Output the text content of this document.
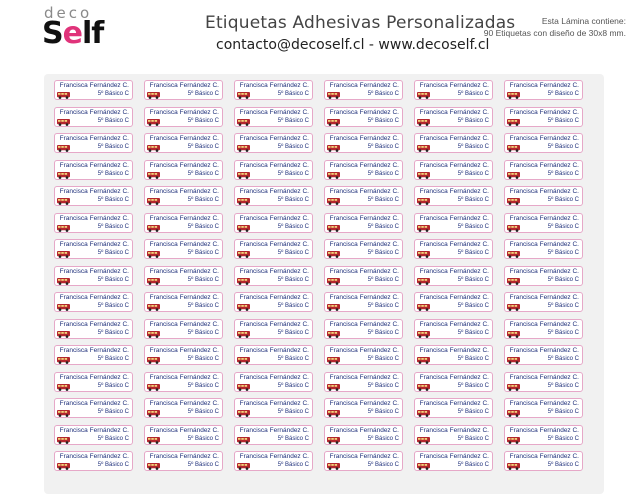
deco
Self	Etiquetas Adhesivas Personalizadas
contacto@decoself.cl - www.decoself.cl
Esta Lámina contiene:
90 Etiquetas con diseño de 30x8 mm.
Francisca Fernández C.
5º Básico C
Francisca Fernández C.
5º Básico C
Francisca Fernández C.
5º Básico C
Francisca Fernández C.
5º Básico C
Francisca Fernández C.
5º Básico C
Francisca Fernández C.
5º Básico C
Francisca Fernández C.
5º Básico C
Francisca Fernández C.
5º Básico C
Francisca Fernández C.
5º Básico C
Francisca Fernández C.
5º Básico C
Francisca Fernández C.
5º Básico C
Francisca Fernández C.
5º Básico C
Francisca Fernández C.
5º Básico C
Francisca Fernández C.
5º Básico C
Francisca Fernández C.
5º Básico C
Francisca Fernández C.
5º Básico C
Francisca Fernández C.
5º Básico C
Francisca Fernández C.
5º Básico C
Francisca Fernández C.
5º Básico C
Francisca Fernández C.
5º Básico C
Francisca Fernández C.
5º Básico C
Francisca Fernández C.
5º Básico C
Francisca Fernández C.
5º Básico C
Francisca Fernández C.
5º Básico C
Francisca Fernández C.
5º Básico C
Francisca Fernández C.
5º Básico C
Francisca Fernández C.
5º Básico C
Francisca Fernández C.
5º Básico C
Francisca Fernández C.
5º Básico C
Francisca Fernández C.
5º Básico C
Francisca Fernández C.
5º Básico C
Francisca Fernández C.
5º Básico C
Francisca Fernández C.
5º Básico C
Francisca Fernández C.
5º Básico C
Francisca Fernández C.
5º Básico C
Francisca Fernández C.
5º Básico C
Francisca Fernández C.
5º Básico C
Francisca Fernández C.
5º Básico C
Francisca Fernández C.
5º Básico C
Francisca Fernández C.
5º Básico C
Francisca Fernández C.
5º Básico C
Francisca Fernández C.
5º Básico C
Francisca Fernández C.
5º Básico C
Francisca Fernández C.
5º Básico C
Francisca Fernández C.
5º Básico C
Francisca Fernández C.
5º Básico C
Francisca Fernández C.
5º Básico C
Francisca Fernández C.
5º Básico C
Francisca Fernández C.
5º Básico C
Francisca Fernández C.
5º Básico C
Francisca Fernández C.
5º Básico C
Francisca Fernández C.
5º Básico C
Francisca Fernández C.
5º Básico C
Francisca Fernández C.
5º Básico C
Francisca Fernández C.
5º Básico C
Francisca Fernández C.
5º Básico C
Francisca Fernández C.
5º Básico C
Francisca Fernández C.
5º Básico C
Francisca Fernández C.
5º Básico C
Francisca Fernández C.
5º Básico C
Francisca Fernández C.
5º Básico C
Francisca Fernández C.
5º Básico C
Francisca Fernández C.
5º Básico C
Francisca Fernández C.
5º Básico C
Francisca Fernández C.
5º Básico C
Francisca Fernández C.
5º Básico C
Francisca Fernández C.
5º Básico C
Francisca Fernández C.
5º Básico C
Francisca Fernández C.
5º Básico C
Francisca Fernández C.
5º Básico C
Francisca Fernández C.
5º Básico C
Francisca Fernández C.
5º Básico C
Francisca Fernández C.
5º Básico C
Francisca Fernández C.
5º Básico C
Francisca Fernández C.
5º Básico C
Francisca Fernández C.
5º Básico C
Francisca Fernández C.
5º Básico C
Francisca Fernández C.
5º Básico C
Francisca Fernández C.
5º Básico C
Francisca Fernández C.
5º Básico C
Francisca Fernández C.
5º Básico C
Francisca Fernández C.
5º Básico C
Francisca Fernández C.
5º Básico C
Francisca Fernández C.
5º Básico C
Francisca Fernández C.
5º Básico C
Francisca Fernández C.
5º Básico C
Francisca Fernández C.
5º Básico C
Francisca Fernández C.
5º Básico C
Francisca Fernández C.
5º Básico C
Francisca Fernández C.
5º Básico C
